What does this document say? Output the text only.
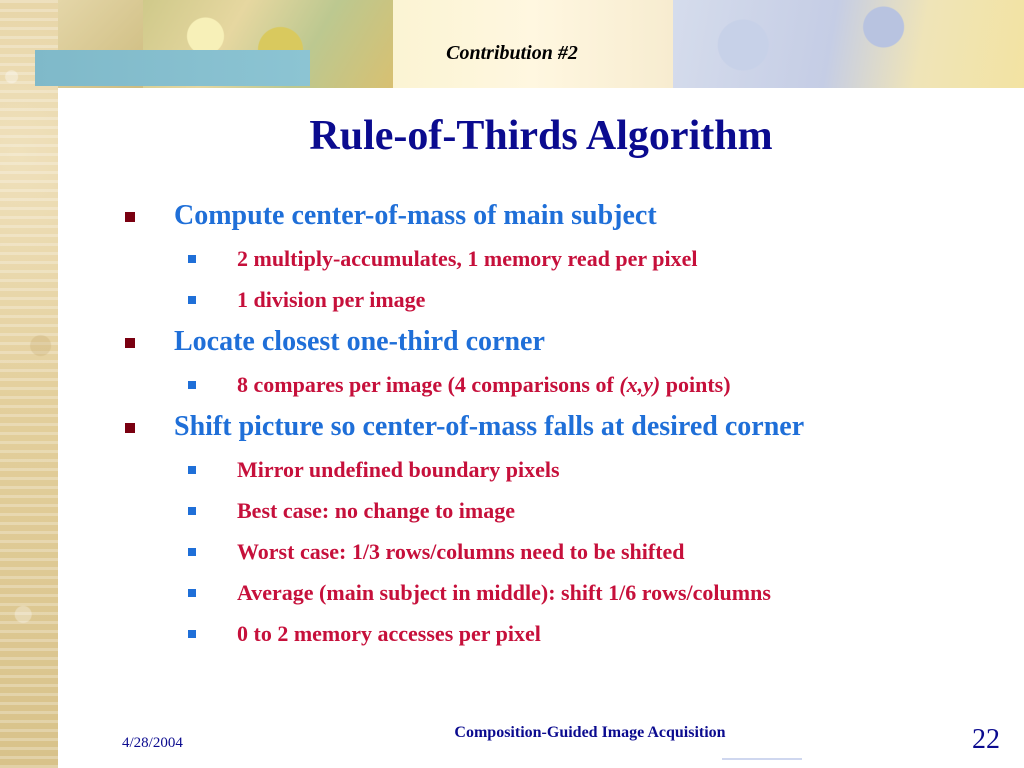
Contribution #2
Rule-of-Thirds Algorithm
Compute center-of-mass of main subject
2 multiply-accumulates, 1 memory read per pixel
1 division per image
Locate closest one-third corner
8 compares per image (4 comparisons of (x,y) points)
Shift picture so center-of-mass falls at desired corner
Mirror undefined boundary pixels
Best case: no change to image
Worst case: 1/3 rows/columns need to be shifted
Average (main subject in middle): shift 1/6 rows/columns
0 to 2 memory accesses per pixel
4/28/2004
Composition-Guided Image Acquisition	22
